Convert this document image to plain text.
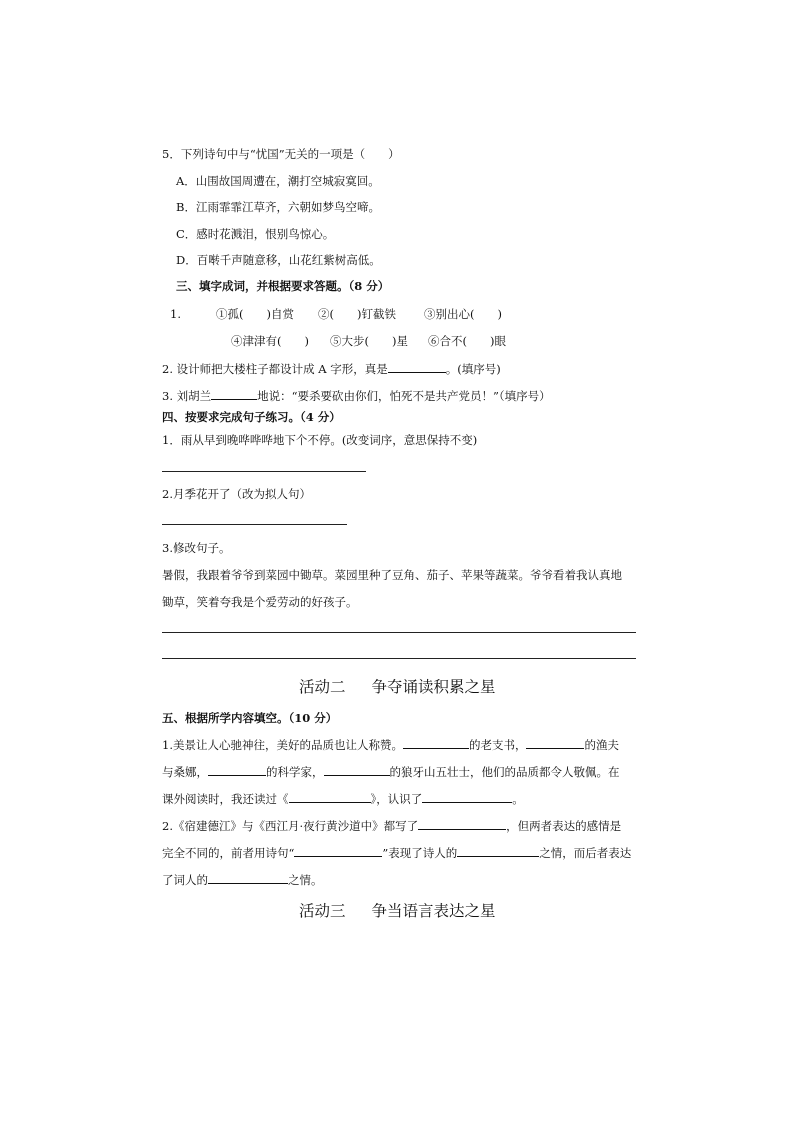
5．下列诗句中与“忧国”无关的一项是（　　）
A．山围故国周遭在，潮打空城寂寞回。
B．江雨霏霏江草齐，六朝如梦鸟空啼。
C．感时花溅泪，恨别鸟惊心。
D．百啭千声随意移，山花红紫树高低。
三、填字成词，并根据要求答题。（8 分）
1.	①孤(　　)自赏 ②(　　)钉截铁 ③别出心(　　)
④津津有(　　) ⑤大步(　　)星 ⑥合不(　　)眼
2. 设计师把大楼柱子都设计成 A 字形，真是	。(填序号)
3. 刘胡兰	地说：“要杀要砍由你们，怕死不是共产党员！”（填序号）
四、按要求完成句子练习。（4 分）
1．雨从早到晚哗哗哗地下个不停。(改变词序，意思保持不变)
2.月季花开了（改为拟人句）
3.修改句子。
暑假，我跟着爷爷到菜园中锄草。菜园里种了豆角、茄子、苹果等蔬菜。爷爷看着我认真地
锄草，笑着夸我是个爱劳动的好孩子。
活动二 争夺诵读积累之星
五、根据所学内容填空。（10 分）
1.美景让人心驰神往，美好的品质也让人称赞。	的老支书，	的渔夫
与桑娜，	的科学家，	的狼牙山五壮士，他们的品质都令人敬佩。在
课外阅读时，我还读过《	》，认识了	。
2.《宿建德江》与《西江月·夜行黄沙道中》都写了	，但两者表达的感情是
完全不同的，前者用诗句“	”表现了诗人的	之情，而后者表达
了词人的	之情。
活动三 争当语言表达之星
